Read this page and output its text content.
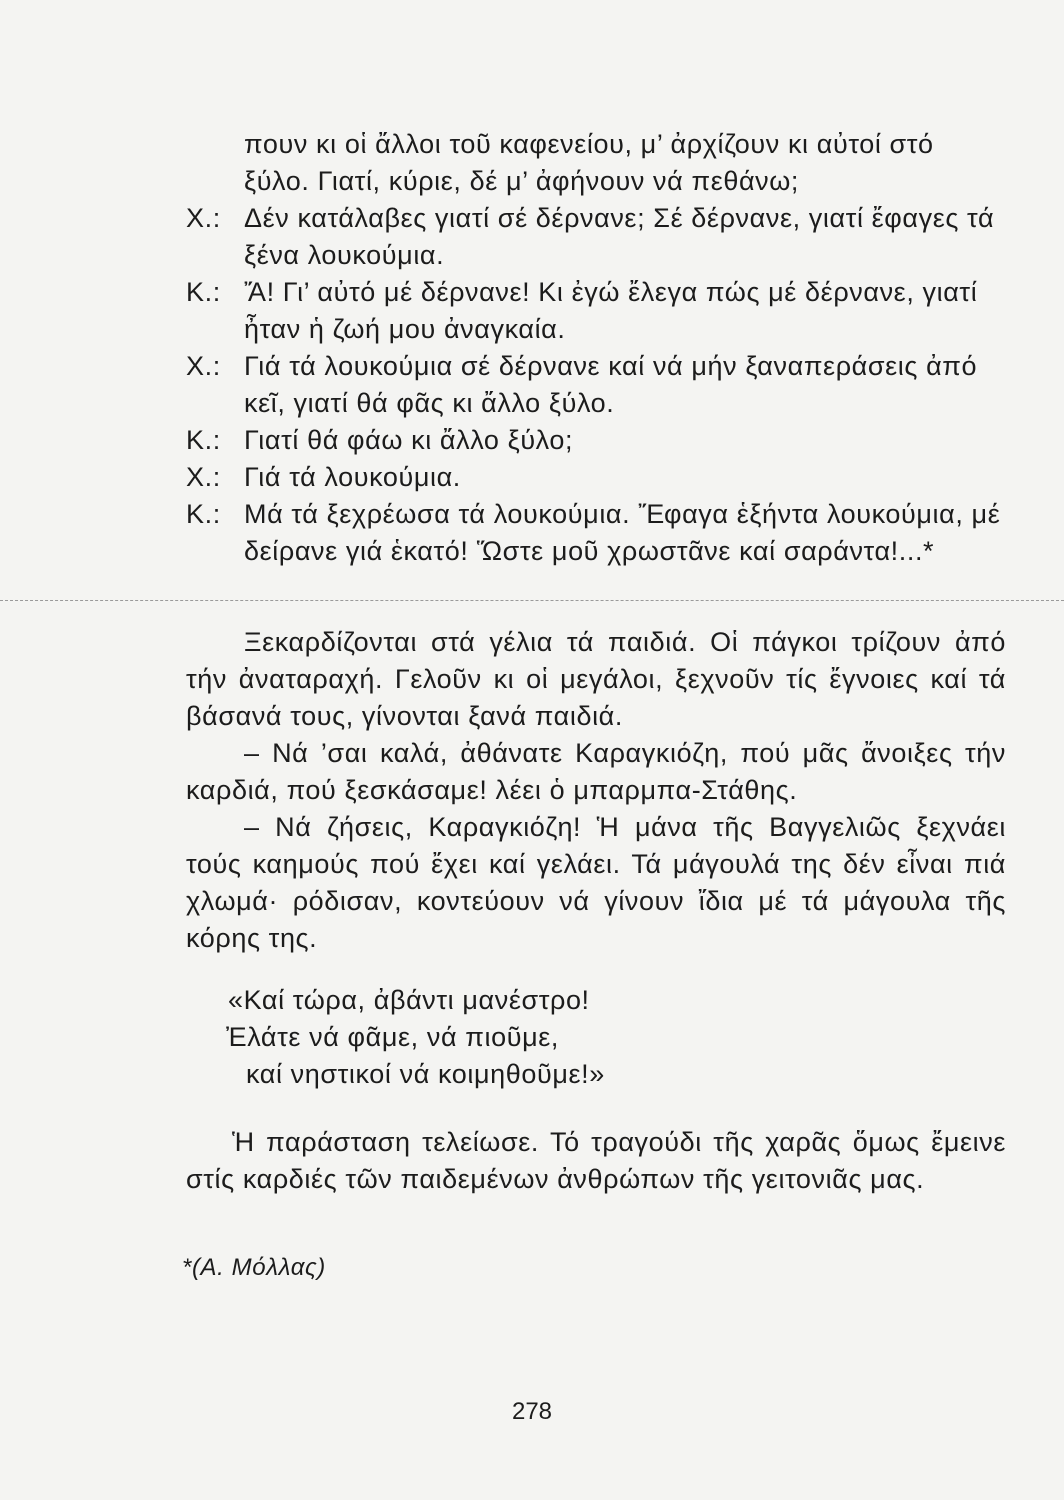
πουν κι οἱ ἄλλοι τοῦ καφενείου, μ’ ἀρχίζουν κι αὐτοί στό ξύλο. Γιατί, κύριε, δέ μ’ ἀφήνουν νά πεθάνω;
Χ.: Δέν κατάλαβες γιατί σέ δέρνανε; Σέ δέρνανε, γιατί ἔφαγες τά ξένα λουκούμια.
Κ.: Ἄ! Γι’ αὐτό μέ δέρνανε! Κι ἐγώ ἔλεγα πώς μέ δέρνανε, γιατί ἦταν ἡ ζωή μου ἀναγκαία.
Χ.: Γιά τά λουκούμια σέ δέρνανε καί νά μήν ξαναπεράσεις ἀπό κεῖ, γιατί θά φᾶς κι ἄλλο ξύλο.
Κ.: Γιατί θά φάω κι ἄλλο ξύλο;
Χ.: Γιά τά λουκούμια.
Κ.: Μά τά ξεχρέωσα τά λουκούμια. Ἔφαγα ἑξήντα λουκούμια, μέ δείρανε γιά ἑκατό! Ὥστε μοῦ χρωστᾶνε καί σαράντα!...*

Ξεκαρδίζονται στά γέλια τά παιδιά. Οἱ πάγκοι τρίζουν ἀπό τήν ἀναταραχή. Γελοῦν κι οἱ μεγάλοι, ξεχνοῦν τίς ἔγνοιες καί τά βάσανά τους, γίνονται ξανά παιδιά.

– Νά ’σαι καλά, ἀθάνατε Καραγκιόζη, πού μᾶς ἄνοιξες τήν καρδιά, πού ξεσκάσαμε! λέει ὁ μπαρμπα-Στάθης.

– Νά ζήσεις, Καραγκιόζη! Ἡ μάνα τῆς Βαγγελιῶς ξεχνάει τούς καημούς πού ἔχει καί γελάει. Τά μάγουλά της δέν εἶναι πιά χλωμά· ρόδισαν, κοντεύουν νά γίνουν ἴδια μέ τά μάγουλα τῆς κόρης της.

«Καί τώρα, ἀβάντι μανέστρο!
Ἐλάτε νά φᾶμε, νά πιοῦμε,
καί νηστικοί νά κοιμηθοῦμε!»

Ἡ παράσταση τελείωσε. Τό τραγούδι τῆς χαρᾶς ὅμως ἔμεινε στίς καρδιές τῶν παιδεμένων ἀνθρώπων τῆς γειτονιᾶς μας.

*(Α. Μόλλας)
278
